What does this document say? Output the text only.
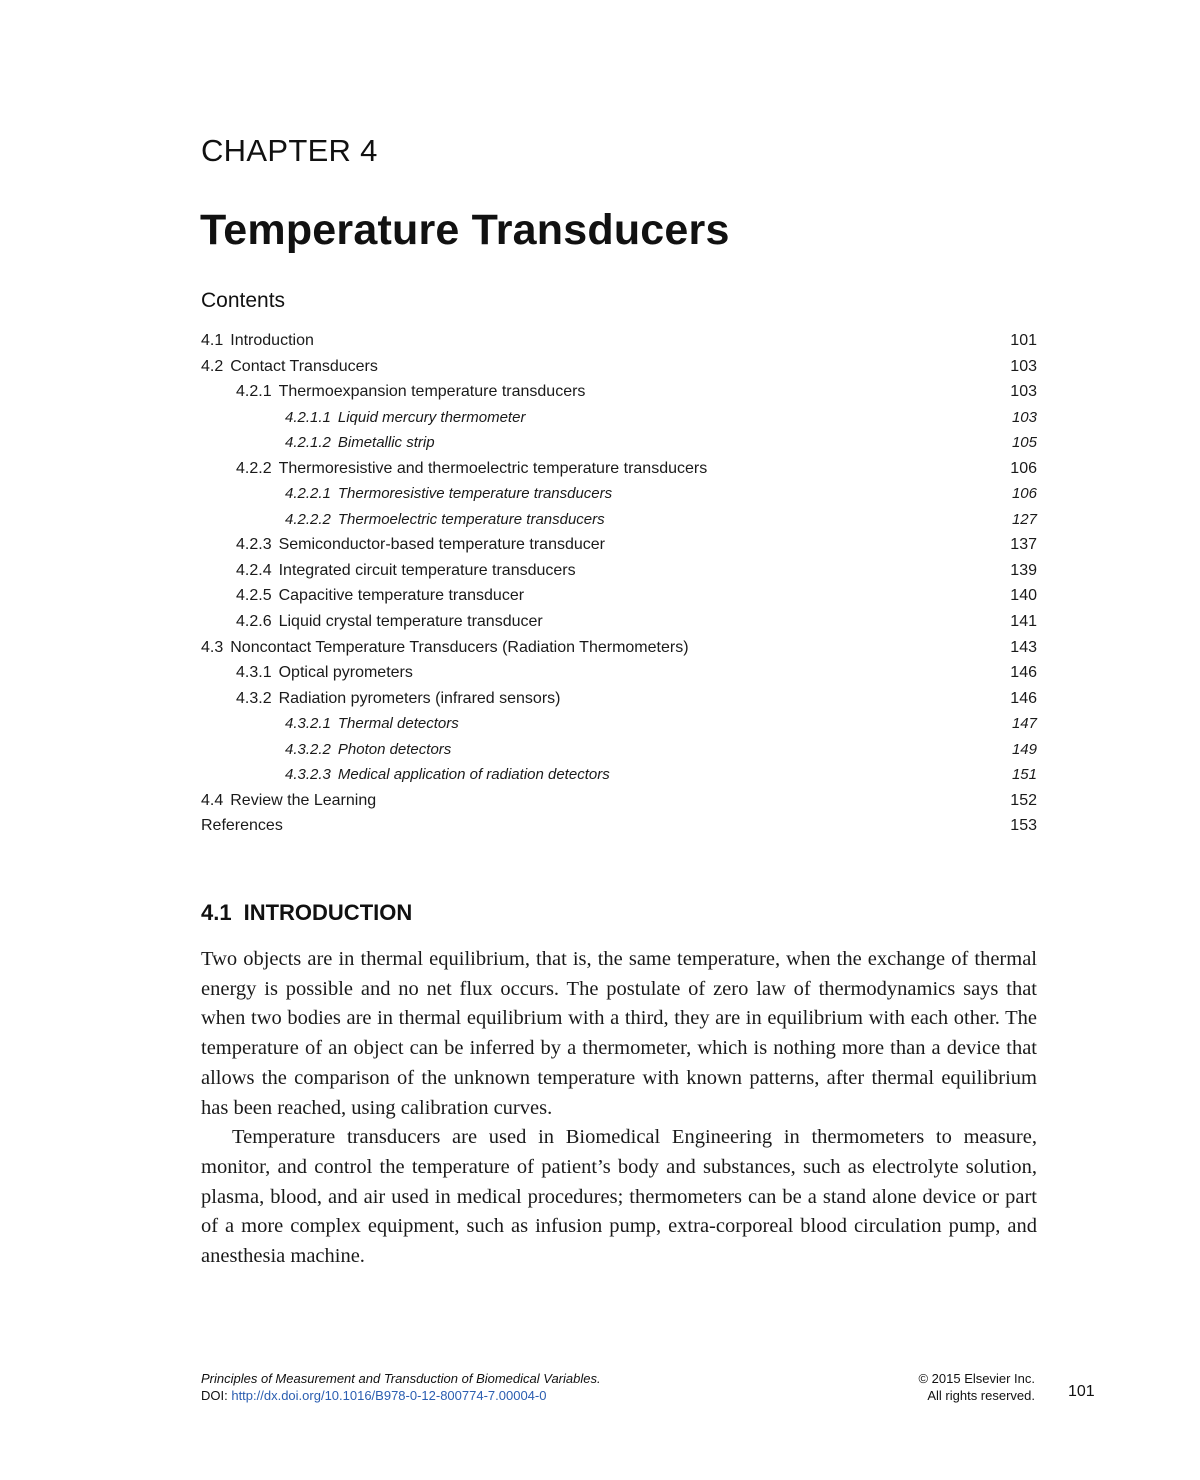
CHAPTER 4
Temperature Transducers
Contents
4.1 Introduction	101
4.2 Contact Transducers	103
4.2.1 Thermoexpansion temperature transducers	103
4.2.1.1 Liquid mercury thermometer	103
4.2.1.2 Bimetallic strip	105
4.2.2 Thermoresistive and thermoelectric temperature transducers	106
4.2.2.1 Thermoresistive temperature transducers	106
4.2.2.2 Thermoelectric temperature transducers	127
4.2.3 Semiconductor-based temperature transducer	137
4.2.4 Integrated circuit temperature transducers	139
4.2.5 Capacitive temperature transducer	140
4.2.6 Liquid crystal temperature transducer	141
4.3 Noncontact Temperature Transducers (Radiation Thermometers)	143
4.3.1 Optical pyrometers	146
4.3.2 Radiation pyrometers (infrared sensors)	146
4.3.2.1 Thermal detectors	147
4.3.2.2 Photon detectors	149
4.3.2.3 Medical application of radiation detectors	151
4.4 Review the Learning	152
References	153
4.1 INTRODUCTION

Two objects are in thermal equilibrium, that is, the same temperature, when the exchange of thermal energy is possible and no net flux occurs. The postulate of zero law of thermodynamics says that when two bodies are in thermal equilibrium with a third, they are in equilibrium with each other. The temperature of an object can be inferred by a thermometer, which is nothing more than a device that allows the comparison of the unknown temperature with known patterns, after thermal equilibrium has been reached, using calibration curves.

Temperature transducers are used in Biomedical Engineering in thermometers to measure, monitor, and control the temperature of patient’s body and substances, such as electrolyte solution, plasma, blood, and air used in medical procedures; thermometers can be a stand alone device or part of a more complex equipment, such as infusion pump, extra-corporeal blood circulation pump, and anesthesia machine.

Principles of Measurement and Transduction of Biomedical Variables.
DOI: http://dx.doi.org/10.1016/B978-0-12-800774-7.00004-0
© 2015 Elsevier Inc.
All rights reserved. 101
